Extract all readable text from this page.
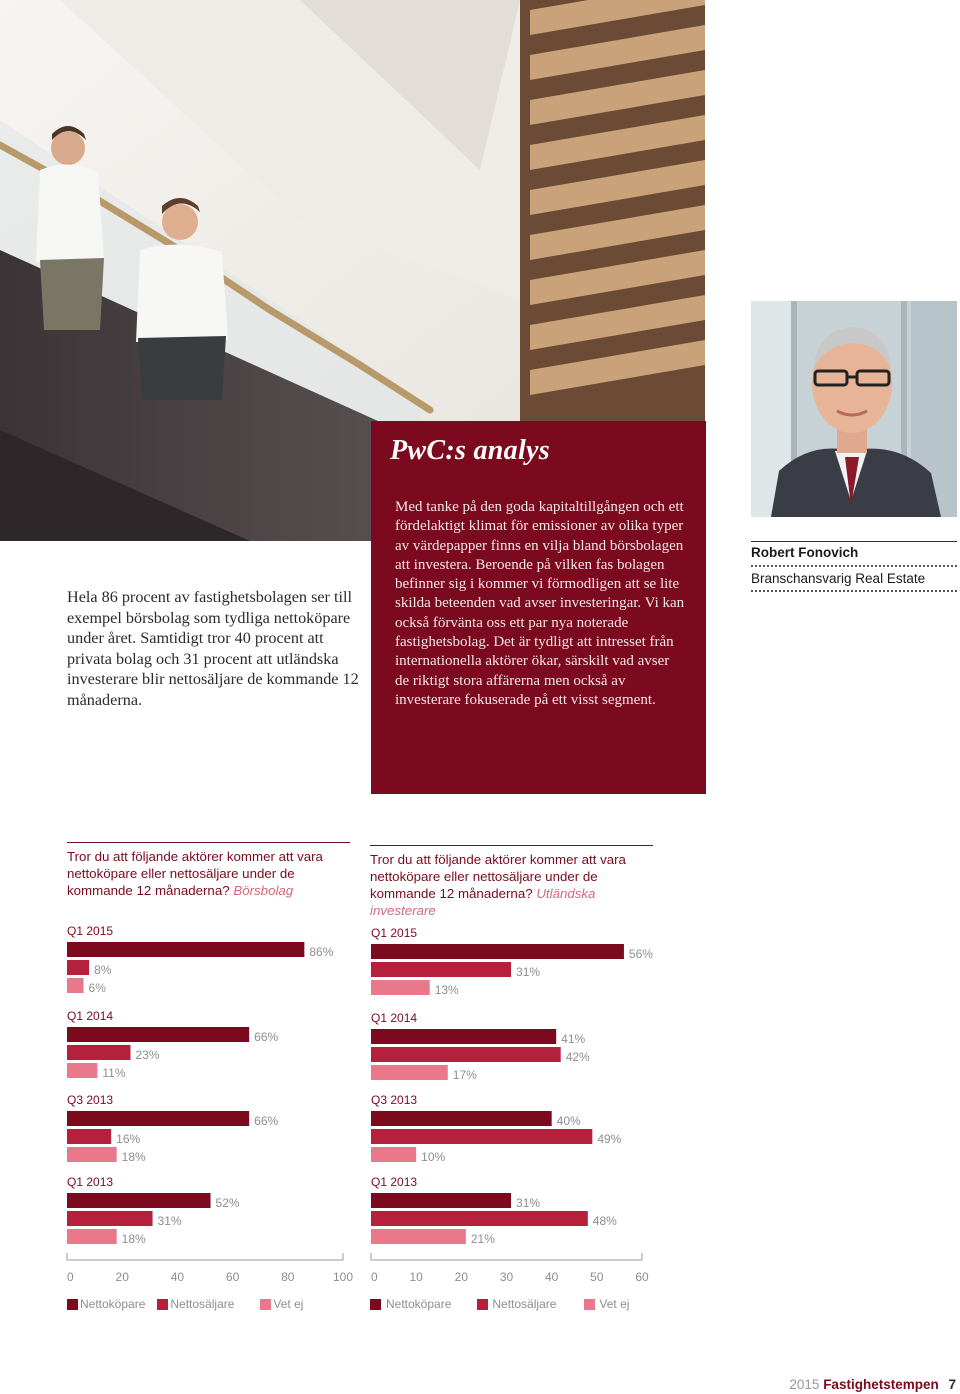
Hela 86 procent av fastighetsbolagen ser till exempel börsbolag som tydliga nettoköpare under året. Samtidigt tror 40 procent att privata bolag och 31 procent att utländska investerare blir nettosäljare de kommande 12 månaderna.

PwC:s analys

Med tanke på den goda kapitaltillgången och ett fördelaktigt klimat för emissioner av olika typer av värdepapper finns en vilja bland börsbolagen att investera. Beroende på vilken fas bolagen befinner sig i kommer vi förmodligen att se lite skilda beteenden vad avser investeringar. Vi kan också förvänta oss ett par nya noterade fastighetsbolag. Det är tydligt att intresset från internationella aktörer ökar, särskilt vad avser de riktigt stora affärerna men också av investerare fokuserade på ett visst segment.

Robert Fonovich
Branschansvarig Real Estate

Tror du att följande aktörer kommer att vara nettoköpare eller nettosäljare under de kommande 12 månaderna? Börsbolag

Tror du att följande aktörer kommer att vara nettoköpare eller nettosäljare under de kommande 12 månaderna? Utländska investerare

Q1 2015
86%
8%
6%
Q1 2014
66%
23%
11%
Q3 2013
66%
16%
18%
Q1 2013
52%
31%
18%
0	20	40	60	80	100
Q1 2015
56%
31%
13%
Q1 2014
41%
42%
17%
Q3 2013
40%
49%
10%
Q1 2013
31%
48%
21%
0	10	20	30	40	50	60
Nettoköpare Nettosäljare	Vet ej	Nettoköpare	Nettosäljare	Vet ej
2015 Fastighetstempen 7
